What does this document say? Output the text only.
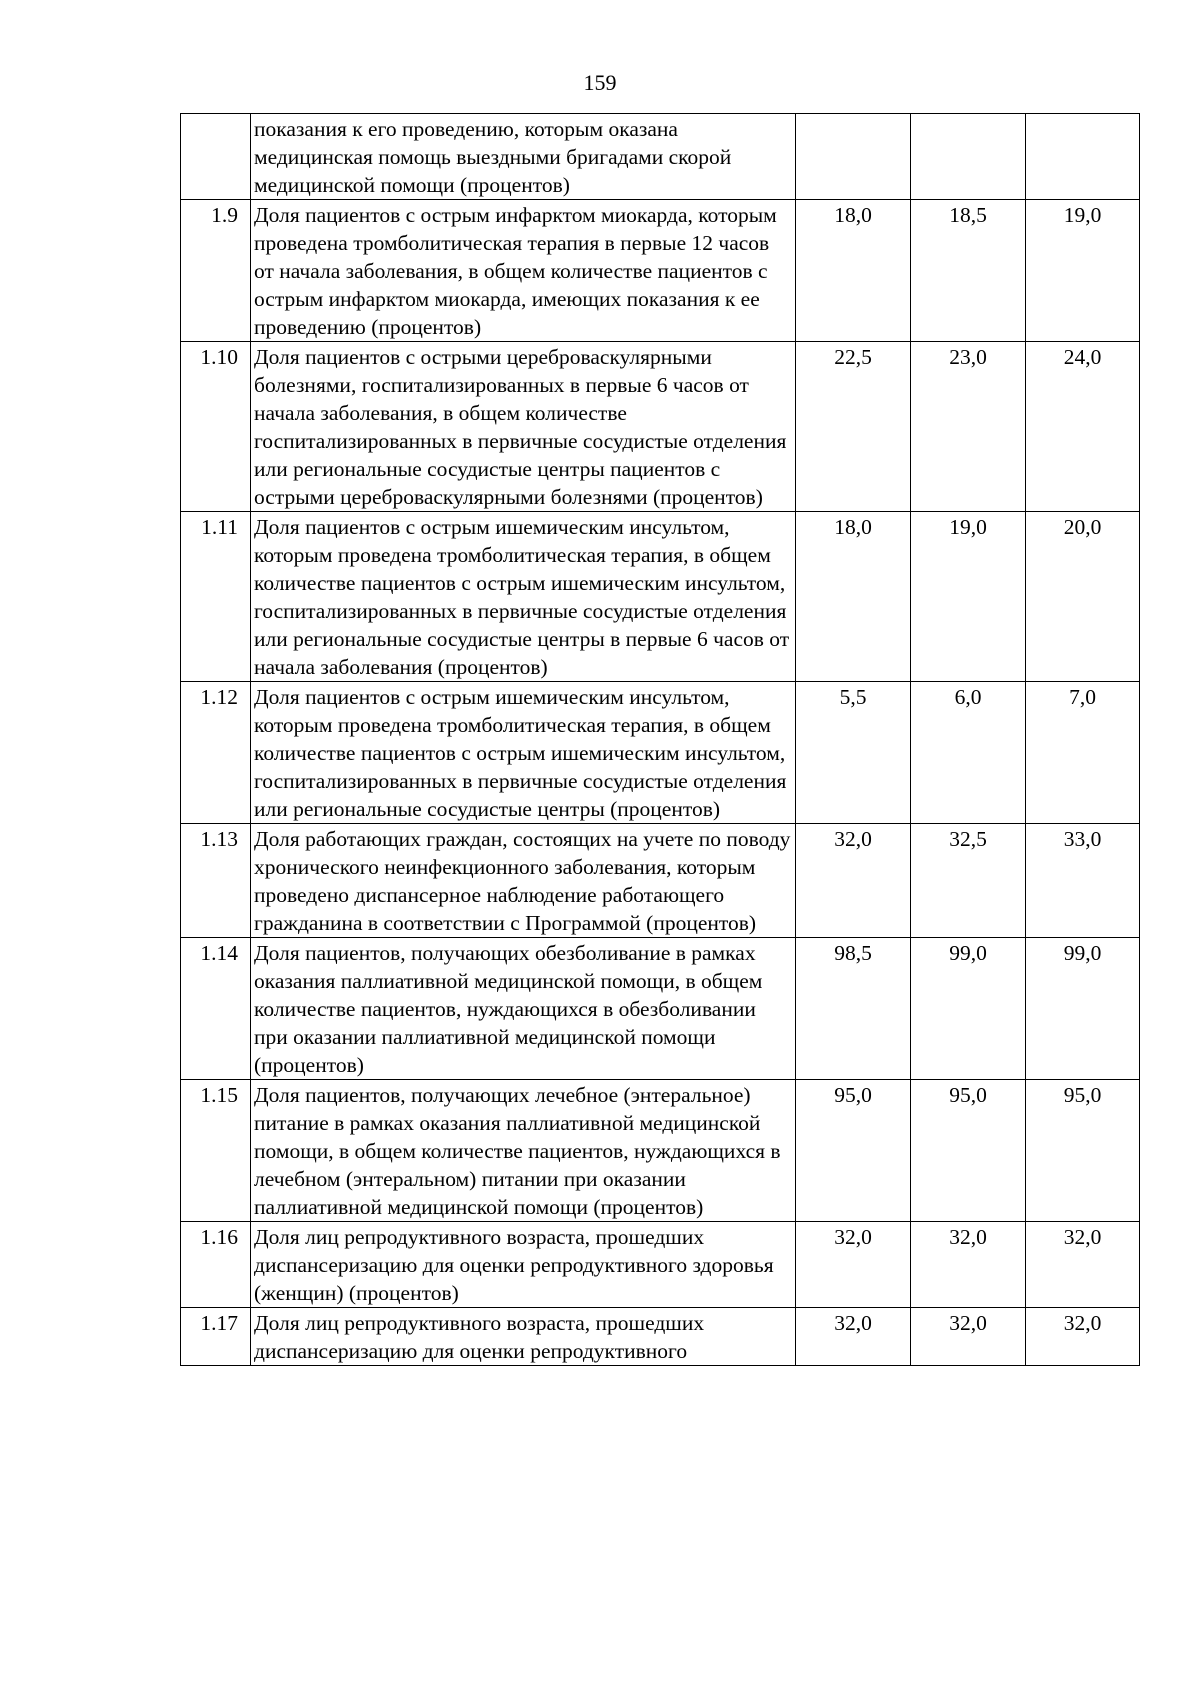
159
	показания к его проведению, которым оказана медицинская помощь выездными бригадами скорой медицинской помощи (процентов)			
1.9	Доля пациентов с острым инфарктом миокарда, которым проведена тромболитическая терапия в первые 12 часов от начала заболевания, в общем количестве пациентов с острым инфарктом миокарда, имеющих показания к ее проведению (процентов)	18,0	18,5	19,0
1.10	Доля пациентов с острыми цереброваскулярными болезнями, госпитализированных в первые 6 часов от начала заболевания, в общем количестве госпитализированных в первичные сосудистые отделения или региональные сосудистые центры пациентов с острыми цереброваскулярными болезнями (процентов)	22,5	23,0	24,0
1.11	Доля пациентов с острым ишемическим инсультом, которым проведена тромболитическая терапия, в общем количестве пациентов с острым ишемическим инсультом, госпитализированных в первичные сосудистые отделения или региональные сосудистые центры в первые 6 часов от начала заболевания (процентов)	18,0	19,0	20,0
1.12	Доля пациентов с острым ишемическим инсультом, которым проведена тромболитическая терапия, в общем количестве пациентов с острым ишемическим инсультом, госпитализированных в первичные сосудистые отделения или региональные сосудистые центры (процентов)	5,5	6,0	7,0
1.13	Доля работающих граждан, состоящих на учете по поводу хронического неинфекционного заболевания, которым проведено диспансерное наблюдение работающего гражданина в соответствии с Программой (процентов)	32,0	32,5	33,0
1.14	Доля пациентов, получающих обезболивание в рамках оказания паллиативной медицинской помощи, в общем количестве пациентов, нуждающихся в обезболивании при оказании паллиативной медицинской помощи (процентов)	98,5	99,0	99,0
1.15	Доля пациентов, получающих лечебное (энтеральное) питание в рамках оказания паллиативной медицинской помощи, в общем количестве пациентов, нуждающихся в лечебном (энтеральном) питании при оказании паллиативной медицинской помощи (процентов)	95,0	95,0	95,0
1.16	Доля лиц репродуктивного возраста, прошедших диспансеризацию для оценки репродуктивного здоровья (женщин) (процентов)	32,0	32,0	32,0
1.17	Доля лиц репродуктивного возраста, прошедших диспансеризацию для оценки репродуктивного	32,0	32,0	32,0
